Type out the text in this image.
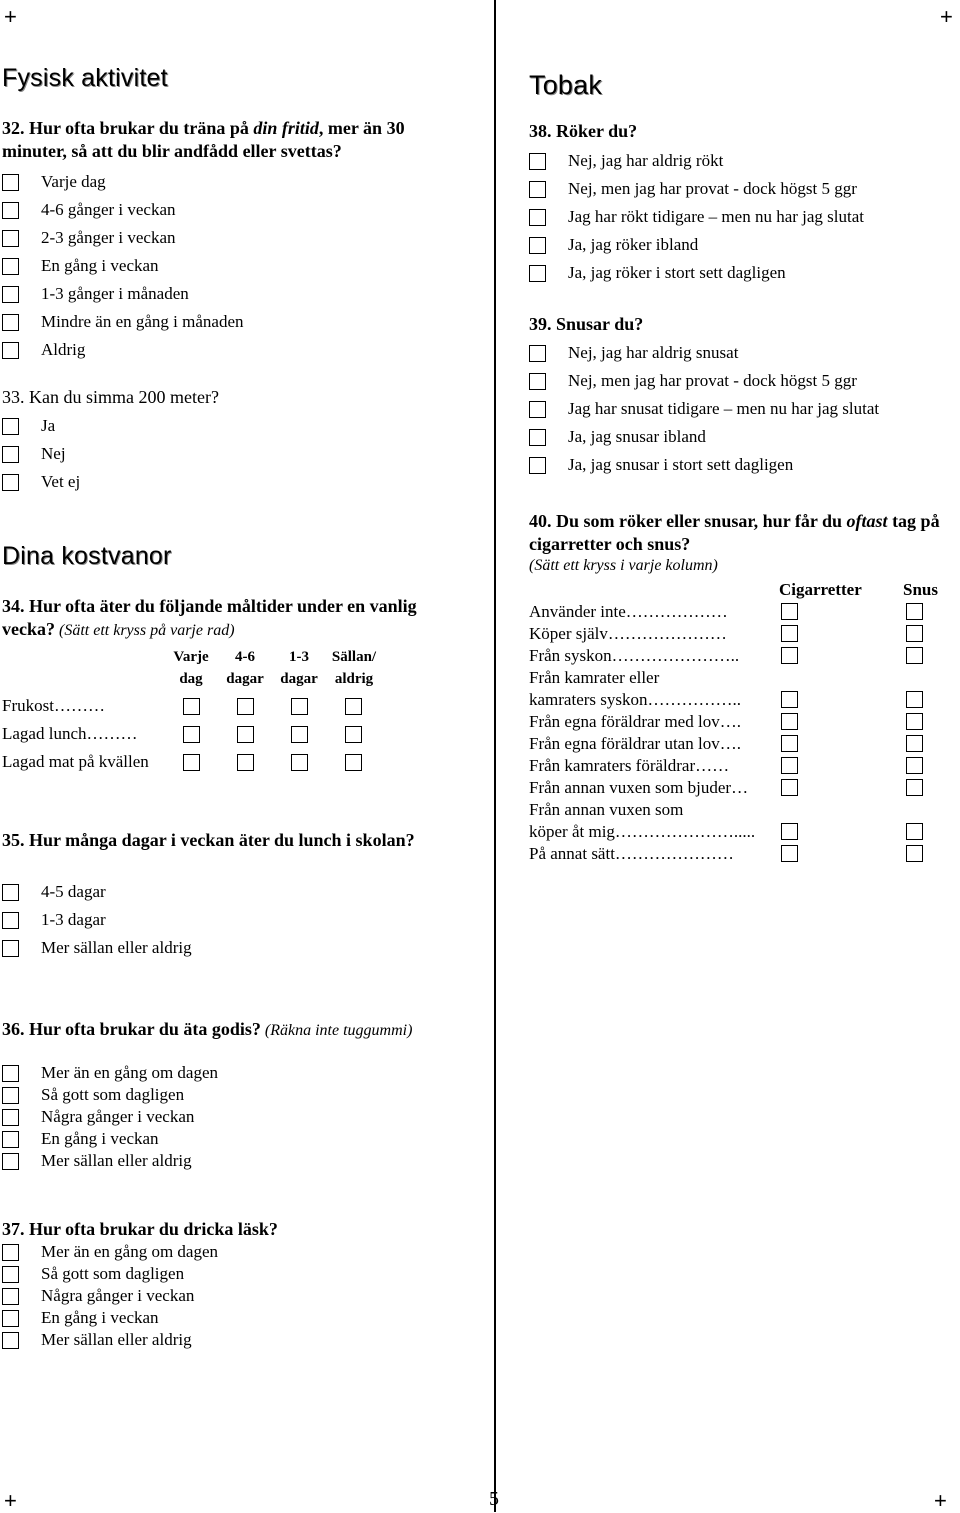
+	+
+	+
5
Fysisk aktivitet

32. Hur ofta brukar du träna på din fritid, mer än 30 minuter, så att du blir andfådd eller svettas?

Varje dag
4-6 gånger i veckan
2-3 gånger i veckan
En gång i veckan
1-3 gånger i månaden
Mindre än en gång i månaden
Aldrig

33. Kan du simma 200 meter?

Ja
Nej
Vet ej
Dina kostvanor

34. Hur ofta äter du följande måltider under en vanlig vecka? (Sätt ett kryss på varje rad)

Varje dag
4-6 dagar
1-3 dagar
Sällan/ aldrig
Frukost………
Lagad lunch………
Lagad mat på kvällen

35. Hur många dagar i veckan äter du lunch i skolan?

4-5 dagar
1-3 dagar
Mer sällan eller aldrig

36. Hur ofta brukar du äta godis? (Räkna inte tuggummi)

Mer än en gång om dagen
Så gott som dagligen
Några gånger i veckan
En gång i veckan
Mer sällan eller aldrig

37. Hur ofta brukar du dricka läsk?

Mer än en gång om dagen
Så gott som dagligen
Några gånger i veckan
En gång i veckan
Mer sällan eller aldrig
Tobak

38. Röker du?

Nej, jag har aldrig rökt
Nej, men jag har provat - dock högst 5 ggr
Jag har rökt tidigare – men nu har jag slutat
Ja, jag röker ibland
Ja, jag röker i stort sett dagligen

39. Snusar du?

Nej, jag har aldrig snusat
Nej, men jag har provat - dock högst 5 ggr
Jag har snusat tidigare – men nu har jag slutat
Ja, jag snusar ibland
Ja, jag snusar i stort sett dagligen

40. Du som röker eller snusar, hur får du oftast tag på cigarretter och snus?

(Sätt ett kryss i varje kolumn)
Cigarretter Snus
Använder inte………………
Köper själv…………………
Från syskon…………………..
Från kamrater eller
kamraters syskon……………..
Från egna föräldrar med lov….
Från egna föräldrar utan lov….
Från kamraters föräldrar……
Från annan vuxen som bjuder…
Från annan vuxen som
köper åt mig………………….....
På annat sätt…………………
